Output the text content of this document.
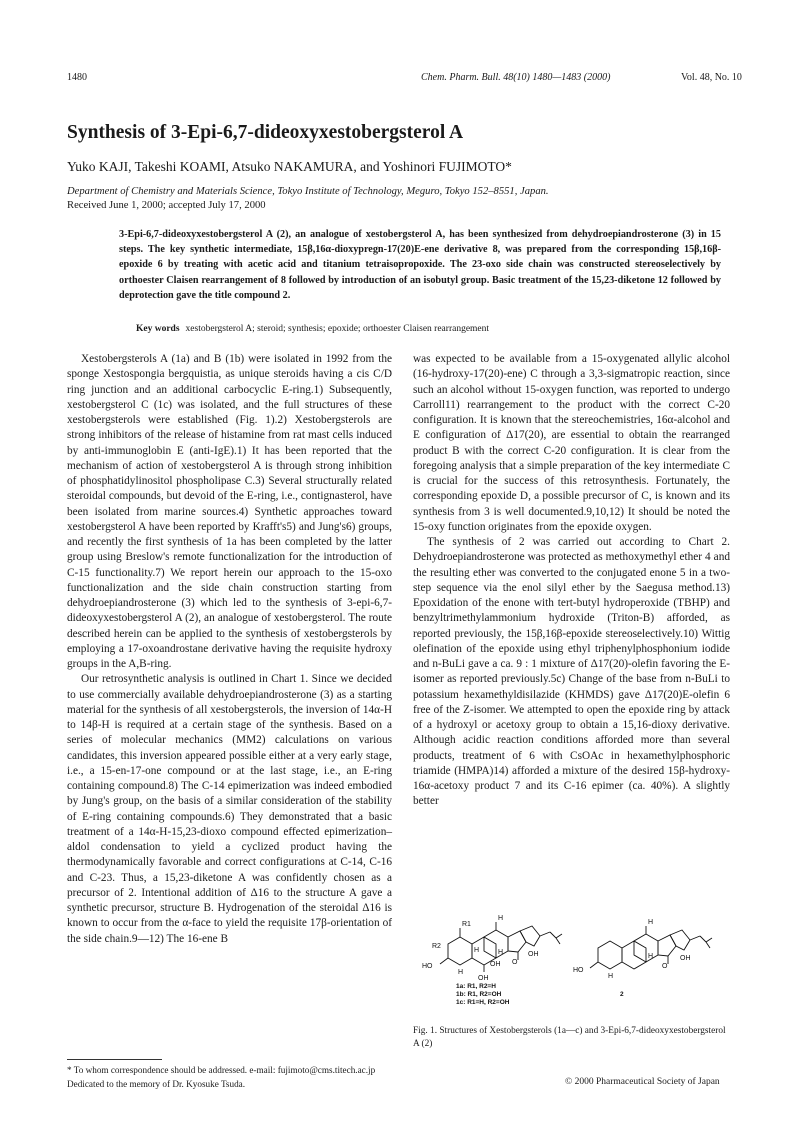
1480	Chem. Pharm. Bull. 48(10) 1480—1483 (2000)	Vol. 48, No. 10
Synthesis of 3-Epi-6,7-dideoxyxestobergsterol A
Yuko KAJI, Takeshi KOAMI, Atsuko NAKAMURA, and Yoshinori FUJIMOTO*
Department of Chemistry and Materials Science, Tokyo Institute of Technology, Meguro, Tokyo 152–8551, Japan.
Received June 1, 2000; accepted July 17, 2000
3-Epi-6,7-dideoxyxestobergsterol A (2), an analogue of xestobergsterol A, has been synthesized from dehydroepiandrosterone (3) in 15 steps. The key synthetic intermediate, 15β,16α-dioxypregn-17(20)E-ene derivative 8, was prepared from the corresponding 15β,16β-epoxide 6 by treating with acetic acid and titanium tetraisopropoxide. The 23-oxo side chain was constructed stereoselectively by orthoester Claisen rearrangement of 8 followed by introduction of an isobutyl group. Basic treatment of the 15,23-diketone 12 followed by deprotection gave the title compound 2.
Key words xestobergsterol A; steroid; synthesis; epoxide; orthoester Claisen rearrangement

Xestobergsterols A (1a) and B (1b) were isolated in 1992 from the sponge Xestospongia bergquistia, as unique steroids having a cis C/D ring junction and an additional carbocyclic E-ring.1) Subsequently, xestobergsterol C (1c) was isolated, and the full structures of these xestobergsterols were established (Fig. 1).2) Xestobergsterols are strong inhibitors of the release of histamine from rat mast cells induced by anti-immunoglobin E (anti-IgE).1) It has been reported that the mechanism of action of xestobergsterol A is through strong inhibition of phosphatidylinositol phospholipase C.3) Several structurally related steroidal compounds, but devoid of the E-ring, i.e., contignasterol, have been isolated from marine sources.4) Synthetic approaches toward xestobergsterol A have been reported by Krafft's5) and Jung's6) groups, and recently the first synthesis of 1a has been completed by the latter group using Breslow's remote functionalization for the introduction of C-15 functionality.7) We report herein our approach to the 15-oxo functionalization and the side chain construction starting from dehydroepiandrosterone (3) which led to the synthesis of 3-epi-6,7-dideoxyxestobergsterol A (2), an analogue of xestobergsterol. The route described herein can be applied to the synthesis of xestobergsterols by employing a 17-oxoandrostane derivative having the requisite hydroxy groups in the A,B-ring.

Our retrosynthetic analysis is outlined in Chart 1. Since we decided to use commercially available dehydroepiandrosterone (3) as a starting material for the synthesis of all xestobergsterols, the inversion of 14α-H to 14β-H is required at a certain stage of the synthesis. Based on a series of molecular mechanics (MM2) calculations on various candidates, this inversion appeared possible either at a very early stage, i.e., a 15-en-17-one compound or at the last stage, i.e., an E-ring containing compound.8) The C-14 epimerization was indeed embodied by Jung's group, on the basis of a similar consideration of the stability of E-ring containing compounds.6) They demonstrated that a basic treatment of a 14α-H-15,23-dioxo compound effected epimerization–aldol condensation to yield a cyclized product having the thermodynamically favorable and correct configurations at C-14, C-16 and C-23. Thus, a 15,23-diketone A was confidently chosen as a precursor of 2. Intentional addition of Δ16 to the structure A gave a synthetic precursor, structure B. Hydrogenation of the steroidal Δ16 is known to occur from the α-face to yield the requisite 17β-orientation of the side chain.9—12) The 16-ene B

was expected to be available from a 15-oxygenated allylic alcohol (16-hydroxy-17(20)-ene) C through a 3,3-sigmatropic reaction, since such an alcohol without 15-oxygen function, was reported to undergo Carroll11) rearrangement to the product with the correct C-20 configuration. It is known that the stereochemistries, 16α-alcohol and E configuration of Δ17(20), are essential to obtain the rearranged product B with the correct C-20 configuration. It is clear from the foregoing analysis that a simple preparation of the key intermediate C is crucial for the success of this retrosynthesis. Fortunately, the corresponding epoxide D, a possible precursor of C, is known and its synthesis from 3 is well documented.9,10,12) It should be noted the 15-oxy function originates from the epoxide oxygen.

The synthesis of 2 was carried out according to Chart 2. Dehydroepiandrosterone was protected as methoxymethyl ether 4 and the resulting ether was converted to the conjugated enone 5 in a two-step sequence via the enol silyl ether by the Saegusa method.13) Epoxidation of the enone with tert-butyl hydroperoxide (TBHP) and benzyltrimethylammonium hydroxide (Triton-B) afforded, as reported previously, the 15β,16β-epoxide stereoselectively.10) Wittig olefination of the epoxide using ethyl triphenylphosphonium iodide and n-BuLi gave a ca. 9 : 1 mixture of Δ17(20)-olefin favoring the E-isomer as reported previously.5c) Change of the base from n-BuLi to potassium hexamethyldisilazide (KHMDS) gave Δ17(20)E-olefin 6 free of the Z-isomer. We attempted to open the epoxide ring by attack of a hydroxyl or acetoxy group to obtain a 15,16-dioxy derivative. Although acidic reaction conditions afforded more than several products, treatment of 6 with CsOAc in hexamethylphosphoric triamide (HMPA)14) afforded a mixture of the desired 15β-hydroxy-16α-acetoxy product 7 and its C-16 epimer (ca. 40%). A slightly better

R1
R2
HO
O
OH
OH
OH
H
H	H
H
1a: R1, R2=H
1b: R1, R2=OH
1c: R1=H, R2=OH
HO
O
OH
H
H
H
2
Fig. 1. Structures of Xestobergsterols (1a—c) and 3-Epi-6,7-dideoxyxestobergsterol A (2)
* To whom correspondence should be addressed. e-mail: fujimoto@cms.titech.ac.jp
Dedicated to the memory of Dr. Kyosuke Tsuda.	© 2000 Pharmaceutical Society of Japan
